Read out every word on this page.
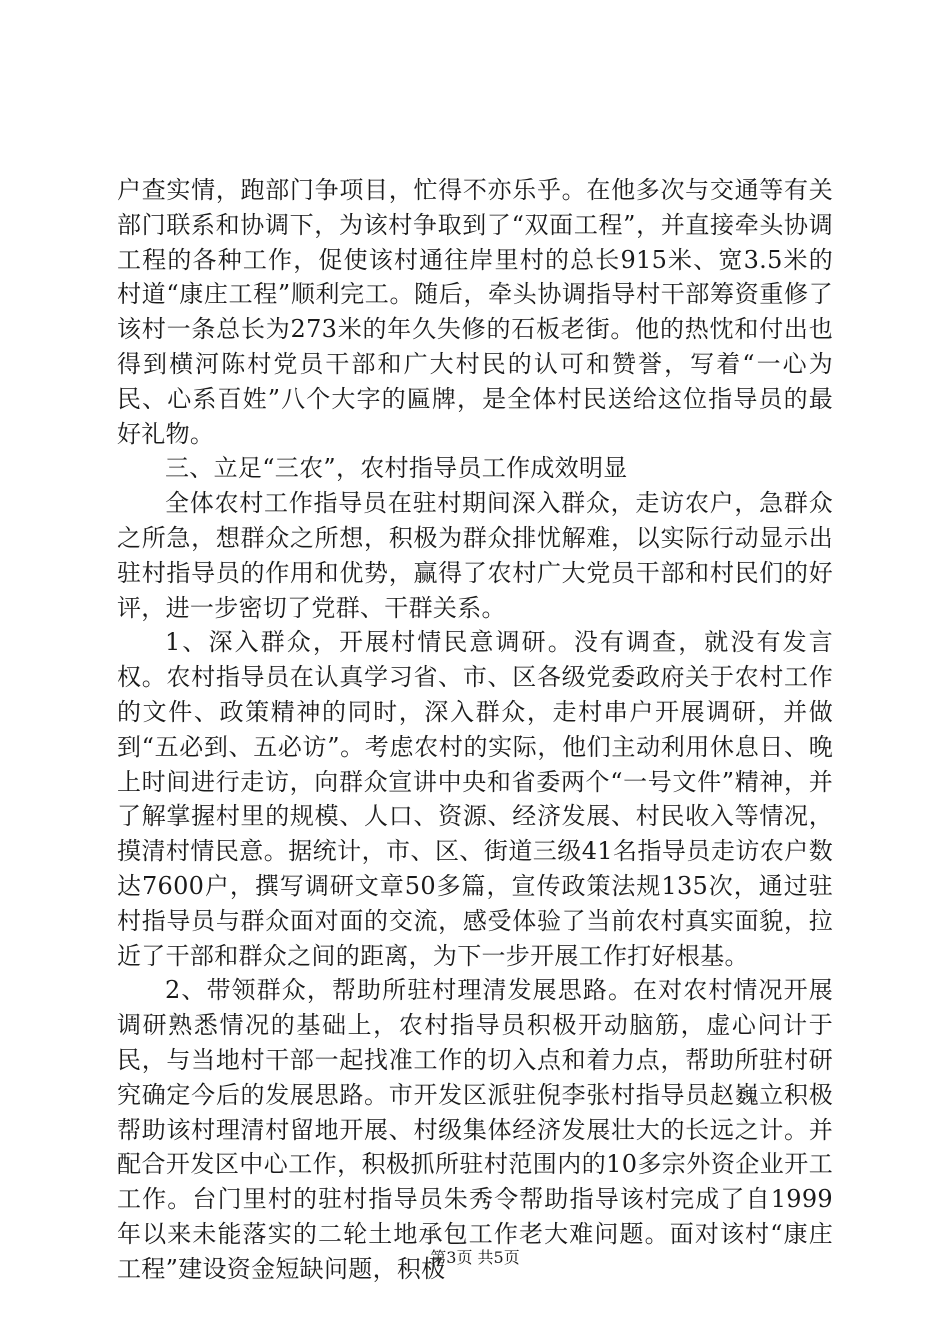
户查实情，跑部门争项目，忙得不亦乐乎。在他多次与交通等有关部门联系和协调下，为该村争取到了“双面工程”，并直接牵头协调工程的各种工作，促使该村通往岸里村的总长915米、宽3.5米的村道“康庄工程”顺利完工。随后，牵头协调指导村干部筹资重修了该村一条总长为273米的年久失修的石板老街。他的热忱和付出也得到横河陈村党员干部和广大村民的认可和赞誉，写着“一心为民、心系百姓”八个大字的匾牌，是全体村民送给这位指导员的最好礼物。

三、立足“三农”，农村指导员工作成效明显

全体农村工作指导员在驻村期间深入群众，走访农户，急群众之所急，想群众之所想，积极为群众排忧解难，以实际行动显示出驻村指导员的作用和优势，赢得了农村广大党员干部和村民们的好评，进一步密切了党群、干群关系。

1、深入群众，开展村情民意调研。没有调查，就没有发言权。农村指导员在认真学习省、市、区各级党委政府关于农村工作的文件、政策精神的同时，深入群众，走村串户开展调研，并做到“五必到、五必访”。考虑农村的实际，他们主动利用休息日、晚上时间进行走访，向群众宣讲中央和省委两个“一号文件”精神，并了解掌握村里的规模、人口、资源、经济发展、村民收入等情况，摸清村情民意。据统计，市、区、街道三级41名指导员走访农户数达7600户，撰写调研文章50多篇，宣传政策法规135次，通过驻村指导员与群众面对面的交流，感受体验了当前农村真实面貌，拉近了干部和群众之间的距离，为下一步开展工作打好根基。

2、带领群众，帮助所驻村理清发展思路。在对农村情况开展调研熟悉情况的基础上，农村指导员积极开动脑筋，虚心问计于民，与当地村干部一起找准工作的切入点和着力点，帮助所驻村研究确定今后的发展思路。市开发区派驻倪李张村指导员赵巍立积极帮助该村理清村留地开展、村级集体经济发展壮大的长远之计。并配合开发区中心工作，积极抓所驻村范围内的10多宗外资企业开工工作。台门里村的驻村指导员朱秀令帮助指导该村完成了自1999年以来未能落实的二轮土地承包工作老大难问题。面对该村“康庄工程”建设资金短缺问题，积极

第3页 共5页
